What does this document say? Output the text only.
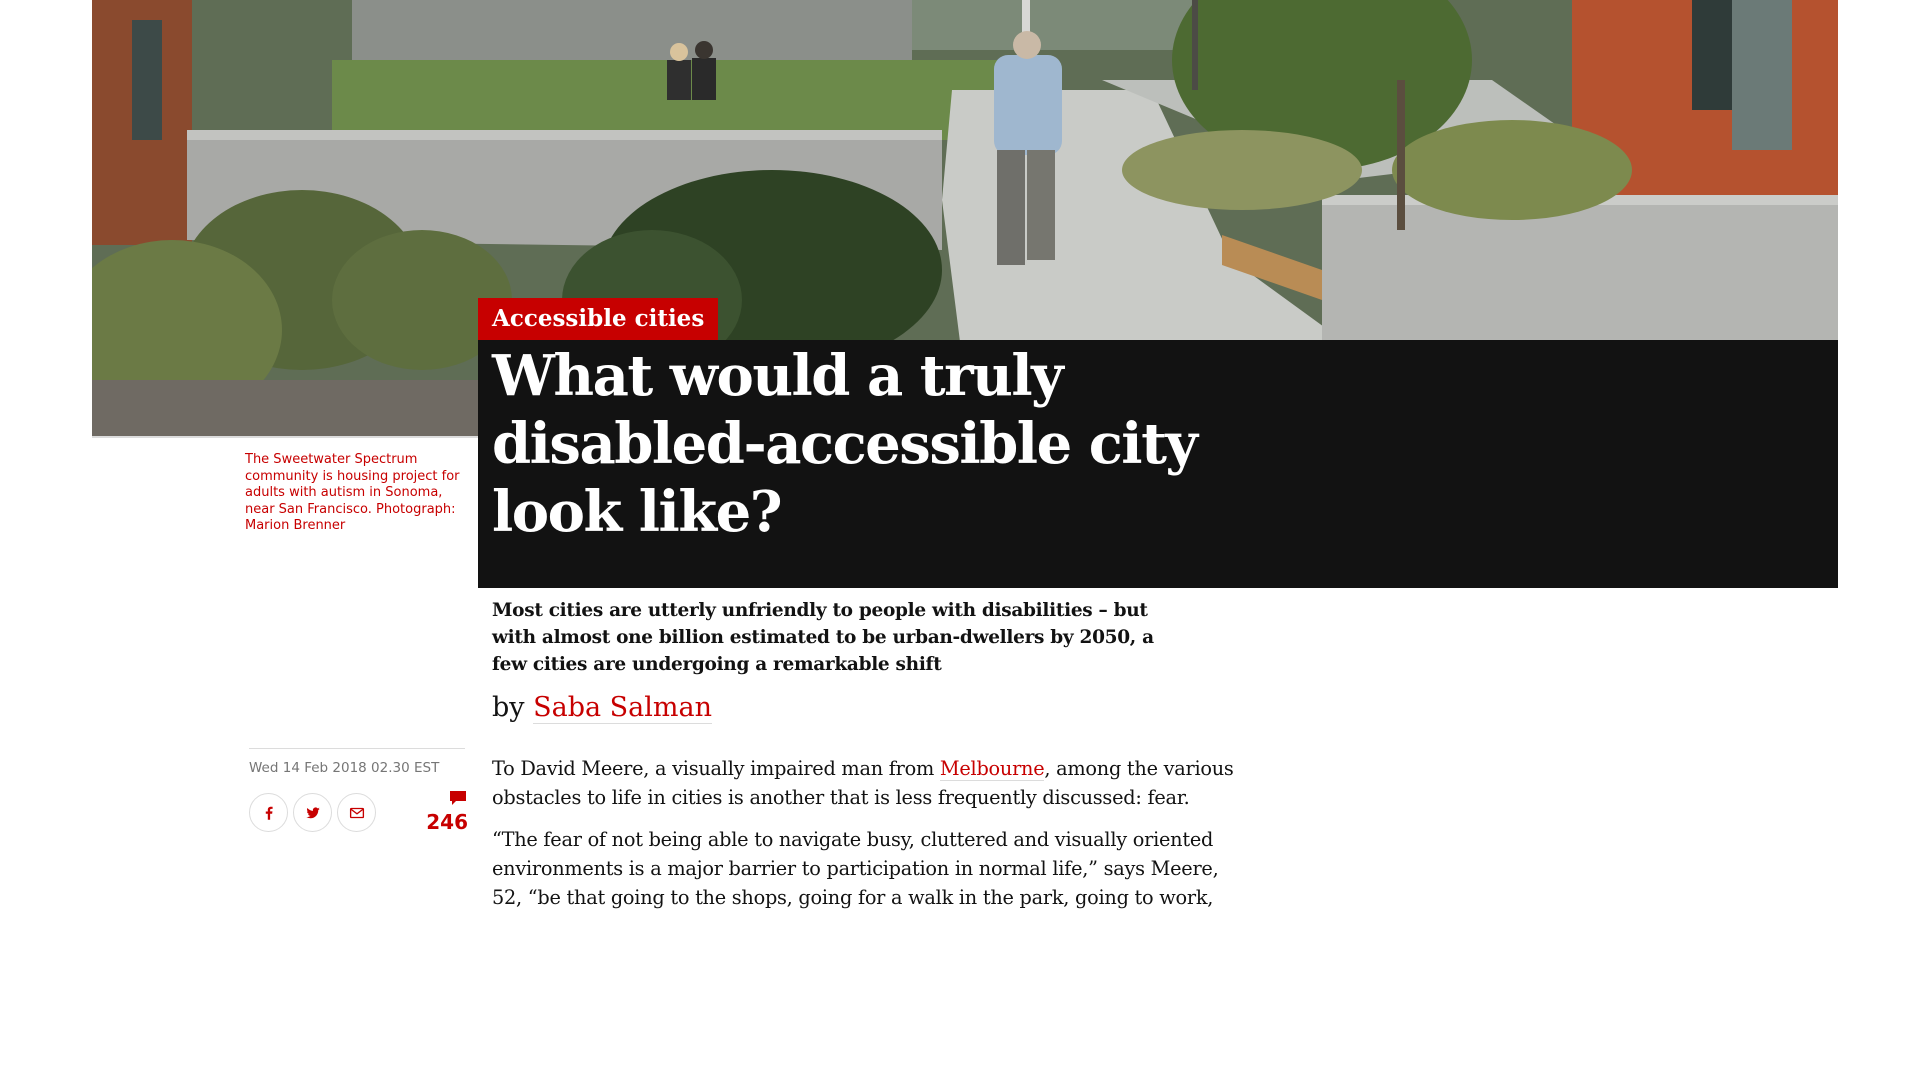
The Sweetwater Spectrum community is housing project for adults with autism in Sonoma, near San Francisco. Photograph: Marion Brenner
Accessible cities
What would a truly disabled-accessible city look like?
Most cities are utterly unfriendly to people with disabilities – but with almost one billion estimated to be urban-dwellers by 2050, a few cities are undergoing a remarkable shift
by Saba Salman
Wed 14 Feb 2018 02.30 EST
246

To David Meere, a visually impaired man from Melbourne, among the various obstacles to life in cities is another that is less frequently discussed: fear.

“The fear of not being able to navigate busy, cluttered and visually oriented environments is a major barrier to participation in normal life,” says Meere, 52, “be that going to the shops, going for a walk in the park, going to work,
